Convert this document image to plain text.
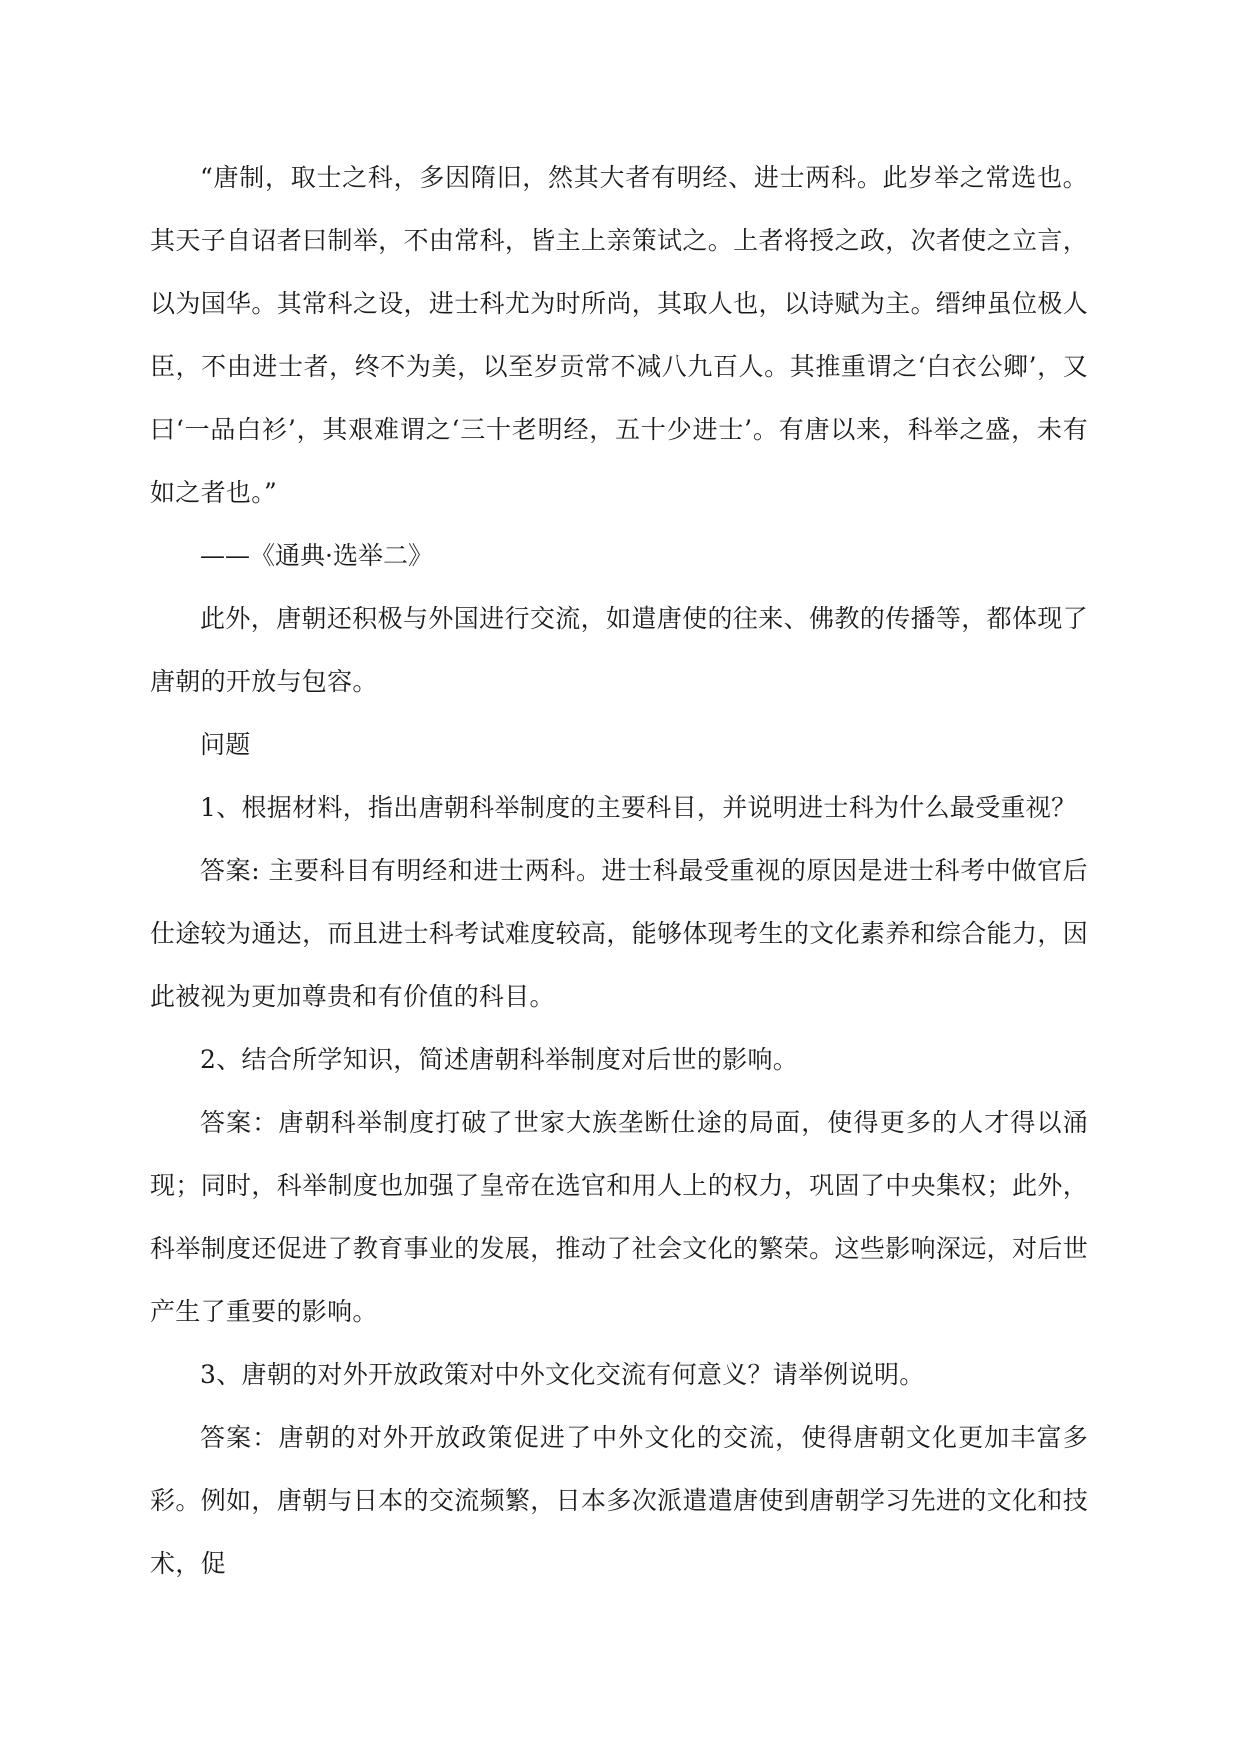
“唐制，取士之科，多因隋旧，然其大者有明经、进士两科。此岁举之常选也。其天子自诏者曰制举，不由常科，皆主上亲策试之。上者将授之政，次者使之立言，以为国华。其常科之设，进士科尤为时所尚，其取人也，以诗赋为主。缙绅虽位极人臣，不由进士者，终不为美，以至岁贡常不减八九百人。其推重谓之‘白衣公卿’，又曰‘一品白衫’，其艰难谓之‘三十老明经，五十少进士’。有唐以来，科举之盛，未有如之者也。”

——《通典·选举二》

此外，唐朝还积极与外国进行交流，如遣唐使的往来、佛教的传播等，都体现了唐朝的开放与包容。

问题

1、根据材料，指出唐朝科举制度的主要科目，并说明进士科为什么最受重视？

答案: 主要科目有明经和进士两科。进士科最受重视的原因是进士科考中做官后仕途较为通达，而且进士科考试难度较高，能够体现考生的文化素养和综合能力，因此被视为更加尊贵和有价值的科目。

2、结合所学知识，简述唐朝科举制度对后世的影响。

答案：唐朝科举制度打破了世家大族垄断仕途的局面，使得更多的人才得以涌现；同时，科举制度也加强了皇帝在选官和用人上的权力，巩固了中央集权；此外，科举制度还促进了教育事业的发展，推动了社会文化的繁荣。这些影响深远，对后世产生了重要的影响。

3、唐朝的对外开放政策对中外文化交流有何意义？请举例说明。

答案：唐朝的对外开放政策促进了中外文化的交流，使得唐朝文化更加丰富多彩。例如，唐朝与日本的交流频繁，日本多次派遣遣唐使到唐朝学习先进的文化和技术，促
